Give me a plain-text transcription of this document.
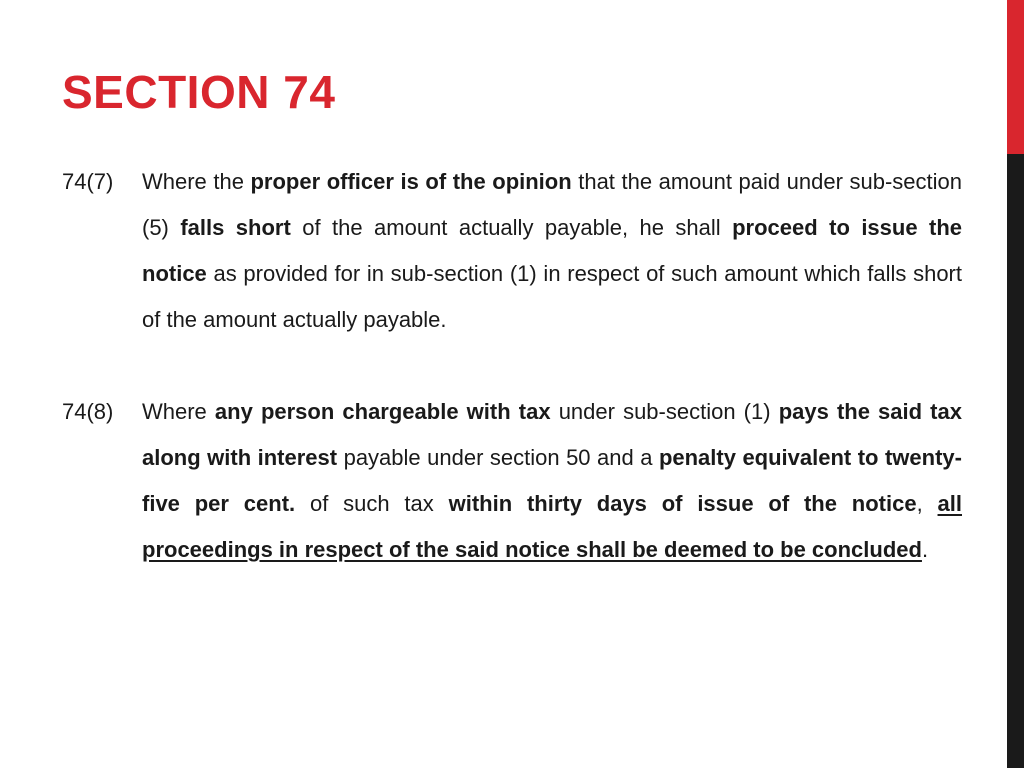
SECTION 74
74(7)	Where the proper officer is of the opinion that the amount paid under sub-section (5) falls short of the amount actually payable, he shall proceed to issue the notice as provided for in sub-section (1) in respect of such amount which falls short of the amount actually payable.
74(8)	Where any person chargeable with tax under sub-section (1) pays the said tax along with interest payable under section 50 and a penalty equivalent to twenty-five per cent. of such tax within thirty days of issue of the notice, all proceedings in respect of the said notice shall be deemed to be concluded.
